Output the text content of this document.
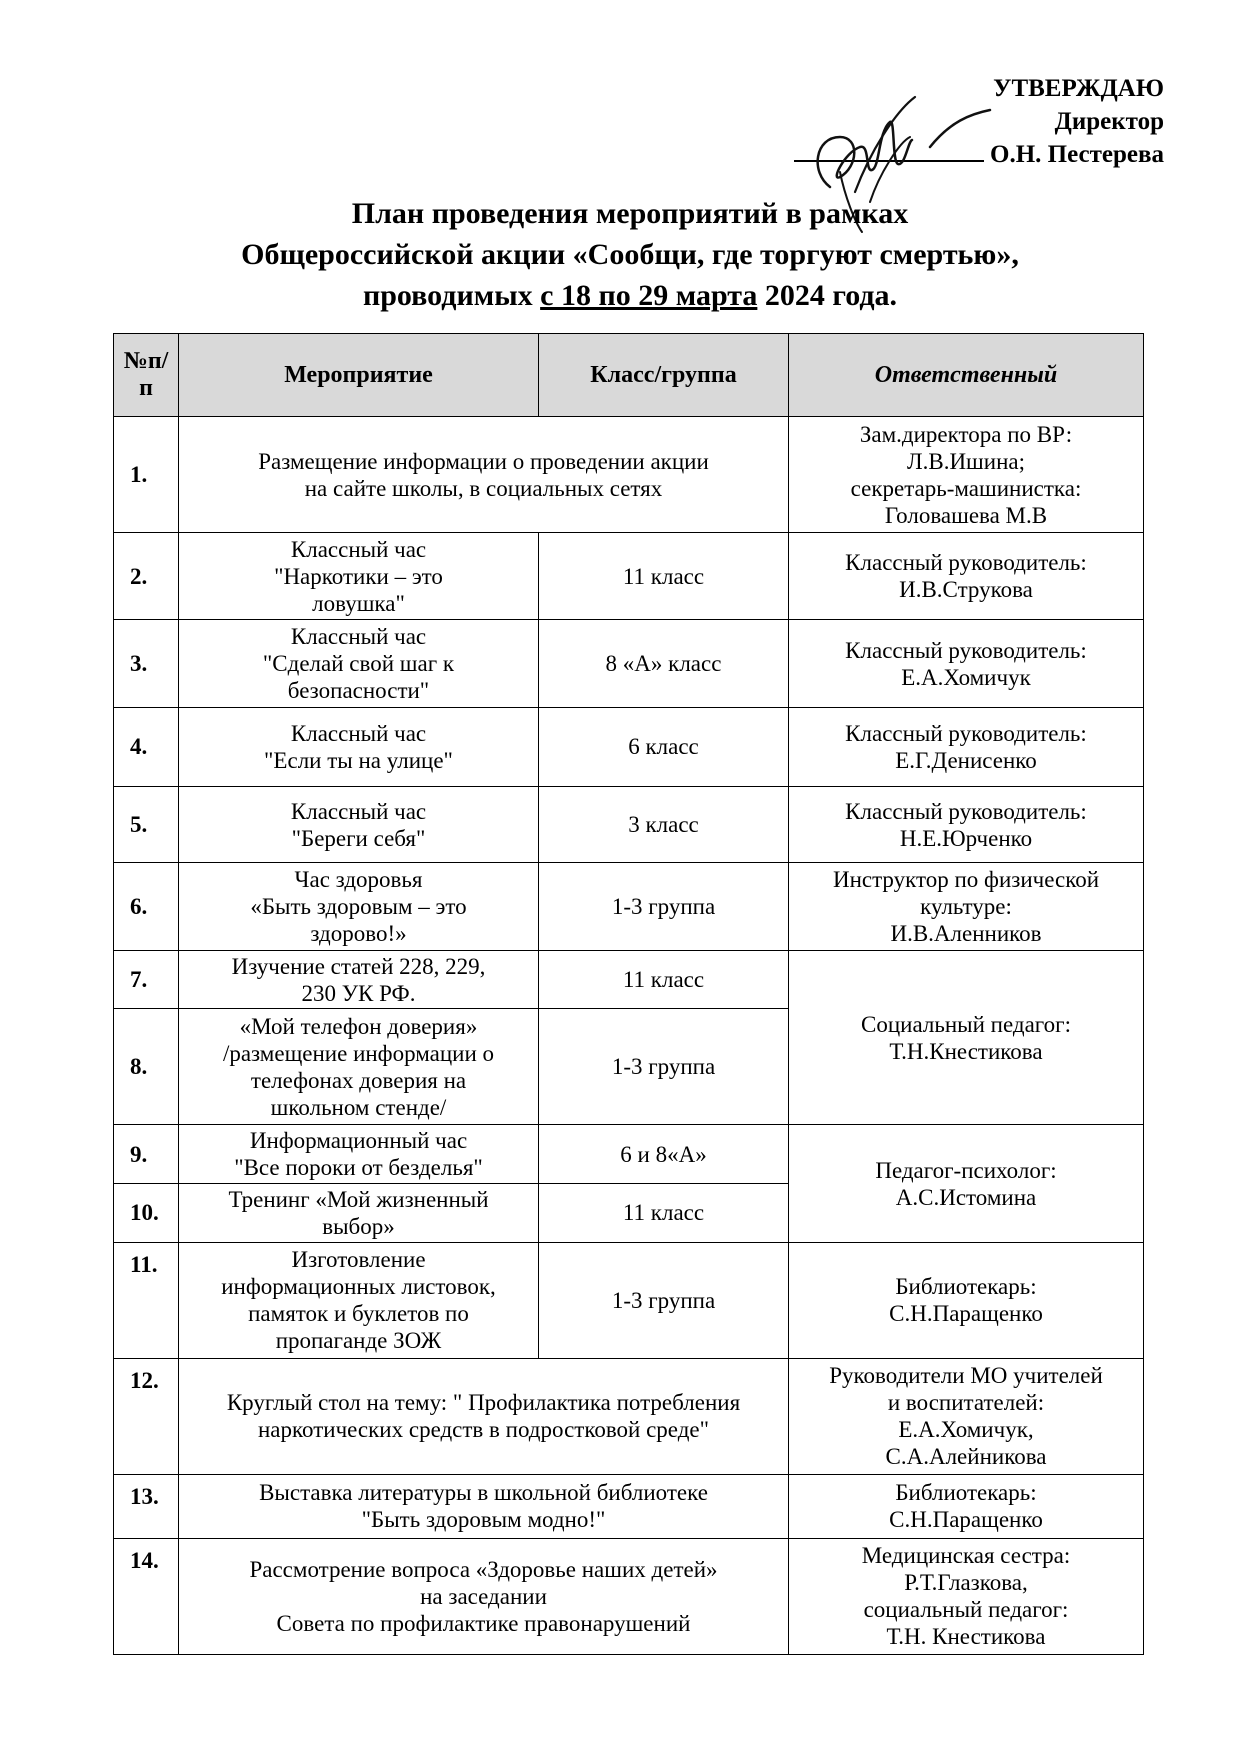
УТВЕРЖДАЮ
Директор
О.Н. Пестерева
План проведения мероприятий в рамках
Общероссийской акции «Сообщи, где торгуют смертью»,
проводимых с 18 по 29 марта 2024 года.
№п/п	Мероприятие	Класс/группа	Ответственный
1.	Размещение информации о проведении акции
на сайте школы, в социальных сетях		Зам.директора по ВР:
Л.В.Ишина;
секретарь-машинистка:
Головашева М.В

2.	Классный час
"Наркотики – это
ловушка"	11 класс	Классный руководитель:
И.В.Струкова

3.	Классный час
"Сделай свой шаг к
безопасности"	8 «А» класс	Классный руководитель:
Е.А.Хомичук

4.	Классный час
"Если ты на улице"	6 класс	Классный руководитель:
Е.Г.Денисенко

5.	Классный час
"Береги себя"	3 класс	Классный руководитель:
Н.Е.Юрченко

6.	Час здоровья
«Быть здоровым – это
здорово!»	1-3 группа	Инструктор по физической
культуре:
И.В.Аленников

7.	Изучение статей 228, 229,
230 УК РФ.	11 класс	Социальный педагог:
Т.Н.Кнестикова

8.	«Мой телефон доверия»
/размещение информации о
телефонах доверия на
школьном стенде/	1-3 группа	

9.	Информационный час
"Все пороки от безделья"	6 и 8«А»	Педагог-психолог:
А.С.Истомина

10.	Тренинг «Мой жизненный
выбор»	11 класс	

11.	Изготовление
информационных листовок,
памяток и буклетов по
пропаганде ЗОЖ	1-3 группа	Библиотекарь:
С.Н.Паращенко

12.	Круглый стол на тему: " Профилактика потребления
наркотических средств в подростковой среде"		Руководители МО учителей
и воспитателей:
Е.А.Хомичук,
С.А.Алейникова

13.	Выставка литературы в школьной библиотеке
"Быть здоровым модно!"		Библиотекарь:
С.Н.Паращенко

14.	Рассмотрение вопроса «Здоровье наших детей»
на заседании
Совета по профилактике правонарушений		Медицинская сестра:
Р.Т.Глазкова,
социальный педагог:
Т.Н. Кнестикова
